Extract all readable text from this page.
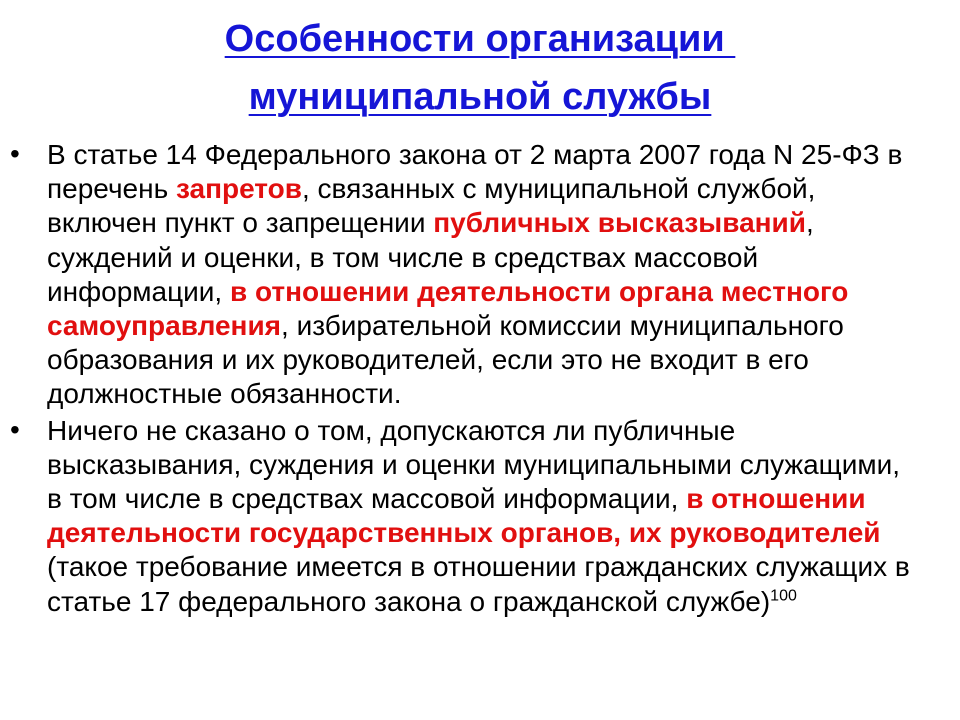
Особенности организации
муниципальной службы
• В статье 14 Федерального закона от 2 марта 2007 года N 25-ФЗ в перечень запретов, связанных с муниципальной службой, включен пункт о запрещении публичных высказываний, суждений и оценки, в том числе в средствах массовой информации, в отношении деятельности органа местного самоуправления, избирательной комиссии муниципального образования и их руководителей, если это не входит в его должностные обязанности.
• Ничего не сказано о том, допускаются ли публичные высказывания, суждения и оценки муниципальными служащими, в том числе в средствах массовой информации, в отношении деятельности государственных органов, их руководителей (такое требование имеется в отношении гражданских служащих в статье 17 федерального закона о гражданской службе)$^{100}$
